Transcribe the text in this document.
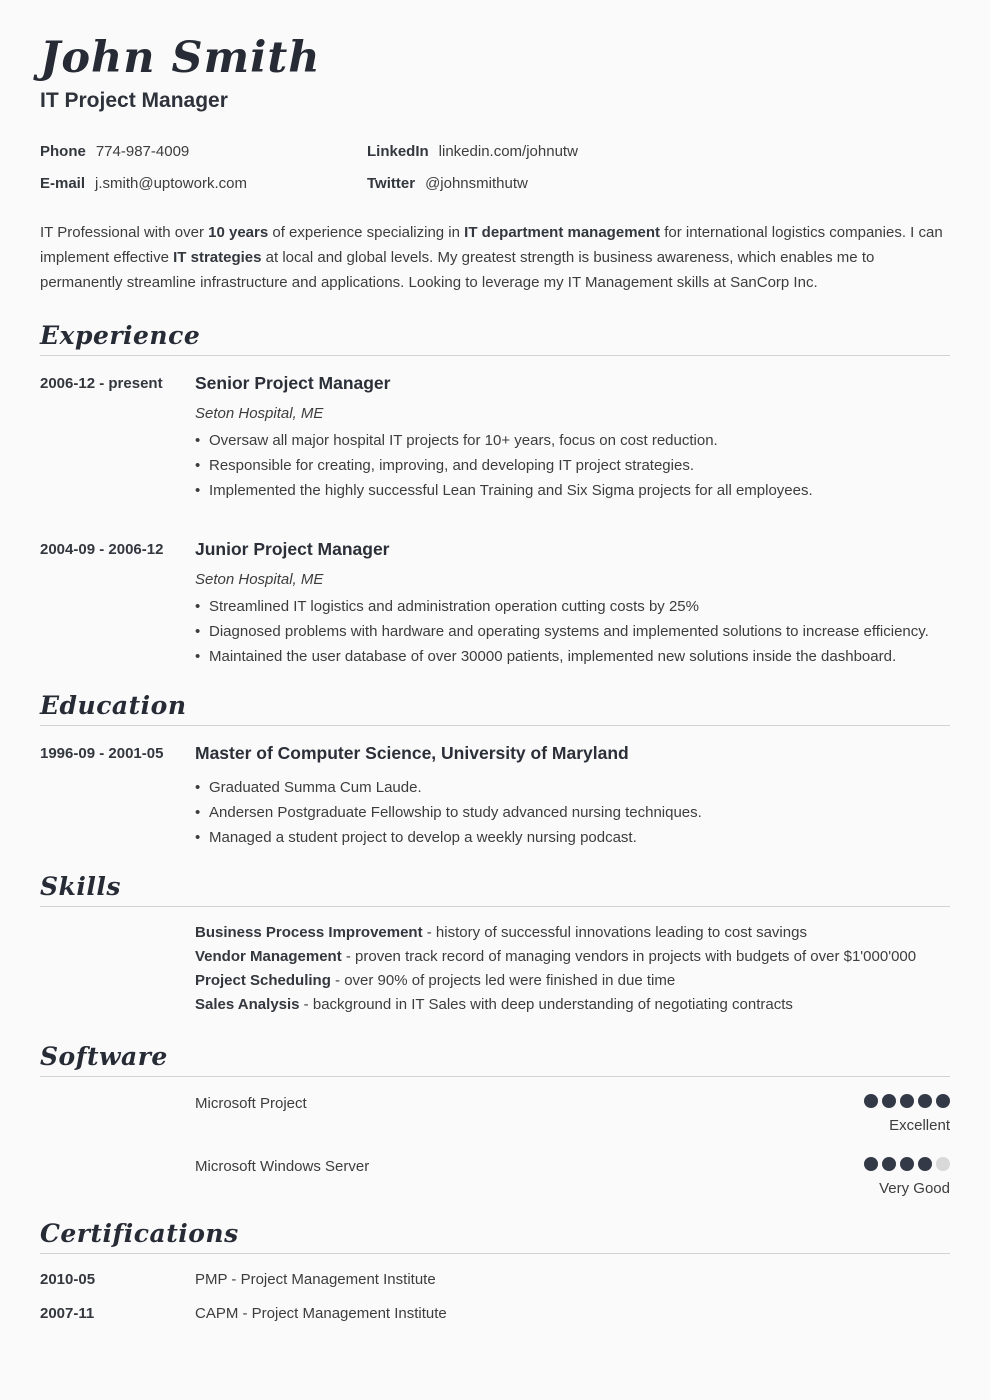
John Smith
IT Project Manager
Phone 774-987-4009	LinkedIn linkedin.com/johnutw
E-mail j.smith@uptowork.com	Twitter @johnsmithutw

IT Professional with over 10 years of experience specializing in IT department management for international logistics companies. I can implement effective IT strategies at local and global levels. My greatest strength is business awareness, which enables me to permanently streamline infrastructure and applications. Looking to leverage my IT Management skills at SanCorp Inc.

Experience
2006-12 - present	Senior Project Manager

Seton Hospital, ME

• Oversaw all major hospital IT projects for 10+ years, focus on cost reduction.
• Responsible for creating, improving, and developing IT project strategies.
• Implemented the highly successful Lean Training and Six Sigma projects for all employees.
2004-09 - 2006-12	Junior Project Manager

Seton Hospital, ME

• Streamlined IT logistics and administration operation cutting costs by 25%
• Diagnosed problems with hardware and operating systems and implemented solutions to increase efficiency.
• Maintained the user database of over 30000 patients, implemented new solutions inside the dashboard.
Education
1996-09 - 2001-05	Master of Computer Science, University of Maryland
• Graduated Summa Cum Laude.
• Andersen Postgraduate Fellowship to study advanced nursing techniques.
• Managed a student project to develop a weekly nursing podcast.
Skills
Business Process Improvement - history of successful innovations leading to cost savings
Vendor Management - proven track record of managing vendors in projects with budgets of over $1'000'000
Project Scheduling - over 90% of projects led were finished in due time
Sales Analysis - background in IT Sales with deep understanding of negotiating contracts
Software
Microsoft Project
Excellent
Microsoft Windows Server
Very Good
Certifications
2010-05	PMP - Project Management Institute
2007-11	CAPM - Project Management Institute
